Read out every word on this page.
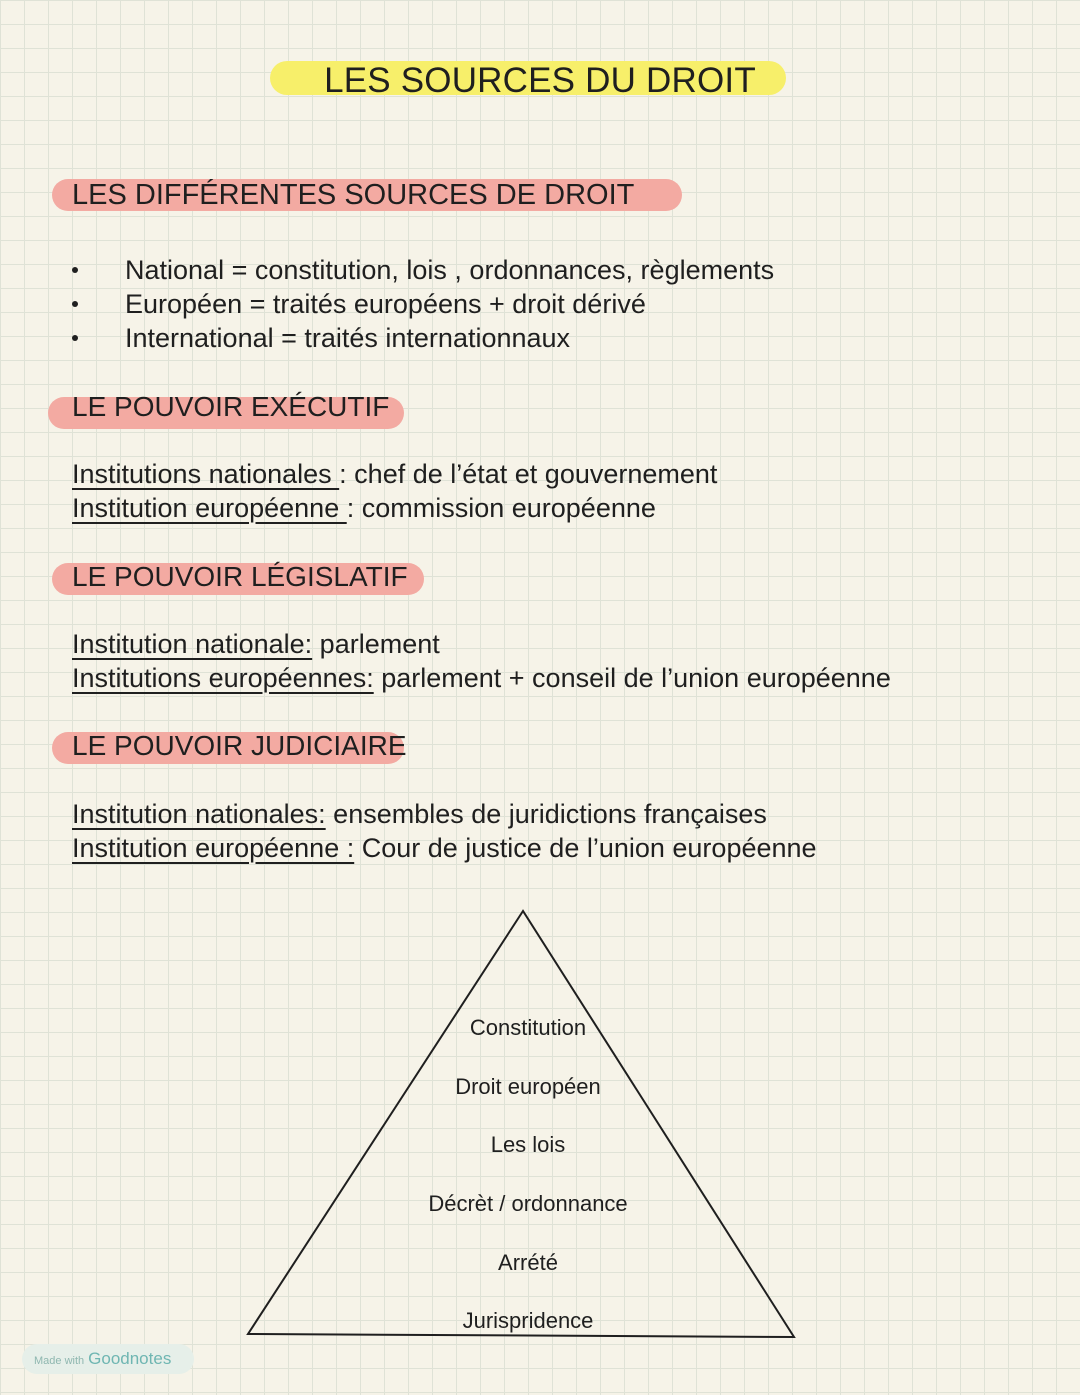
LES SOURCES DU DROIT
LES DIFFÉRENTES SOURCES DE DROIT
National = constitution, lois , ordonnances, règlements
Européen = traités européens + droit dérivé
International = traités internationnaux
LE POUVOIR EXÉCUTIF
Institutions nationales : chef de l’état et gouvernement
Institution européenne : commission européenne
LE POUVOIR LÉGISLATIF
Institution nationale: parlement
Institutions européennes: parlement + conseil de l’union européenne
LE POUVOIR JUDICIAIRE
Institution nationales: ensembles de juridictions françaises
Institution européenne : Cour de justice de l’union européenne
Constitution
Droit européen
Les lois
Décrèt / ordonnance
Arrété
Jurispridence
Made with Goodnotes
